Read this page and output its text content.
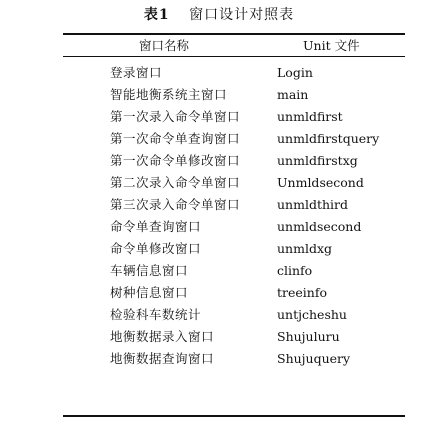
表1 窗口设计对照表
窗口名称	Unit 文件
登录窗口	Login
智能地衡系统主窗口	main
第一次录入命令单窗口	unmldfirst
第一次命令单查询窗口	unmldfirstquery
第一次命令单修改窗口	unmldfirstxg
第二次录入命令单窗口	Unmldsecond
第三次录入命令单窗口	unmldthird
命令单查询窗口	unmldsecond
命令单修改窗口	unmldxg
车辆信息窗口	clinfo
树种信息窗口	treeinfo
检验科车数统计	untjcheshu
地衡数据录入窗口	Shujuluru
地衡数据查询窗口	Shujuquery
